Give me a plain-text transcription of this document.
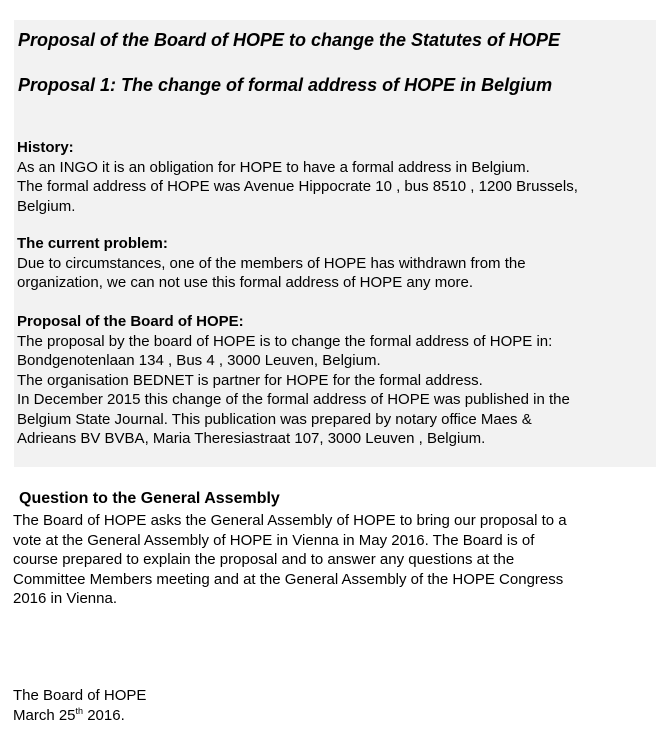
Proposal of the Board of HOPE to change the Statutes of HOPE
Proposal 1: The change of formal address of HOPE in Belgium
History:
As an INGO it is an obligation for HOPE to have a formal address in Belgium.
The formal address of HOPE was Avenue Hippocrate 10 , bus 8510 , 1200 Brussels,
Belgium.
The current problem:
Due to circumstances, one of the members of HOPE has withdrawn from the
organization, we can not use this formal address of HOPE any more.
Proposal of the Board of HOPE:
The proposal by the board of HOPE is to change the formal address of HOPE in:
Bondgenotenlaan 134 , Bus 4 , 3000 Leuven, Belgium.
The organisation BEDNET is partner for HOPE for the formal address.
In December 2015 this change of the formal address of HOPE was published in the
Belgium State Journal. This publication was prepared by notary office Maes &
Adrieans BV BVBA, Maria Theresiastraat 107, 3000 Leuven , Belgium.
Question to the General Assembly
The Board of HOPE asks the General Assembly of HOPE to bring our proposal to a
vote at the General Assembly of HOPE in Vienna in May 2016. The Board is of
course prepared to explain the proposal and to answer any questions at the
Committee Members meeting and at the General Assembly of the HOPE Congress
2016 in Vienna.
The Board of HOPE
March 25th 2016.
